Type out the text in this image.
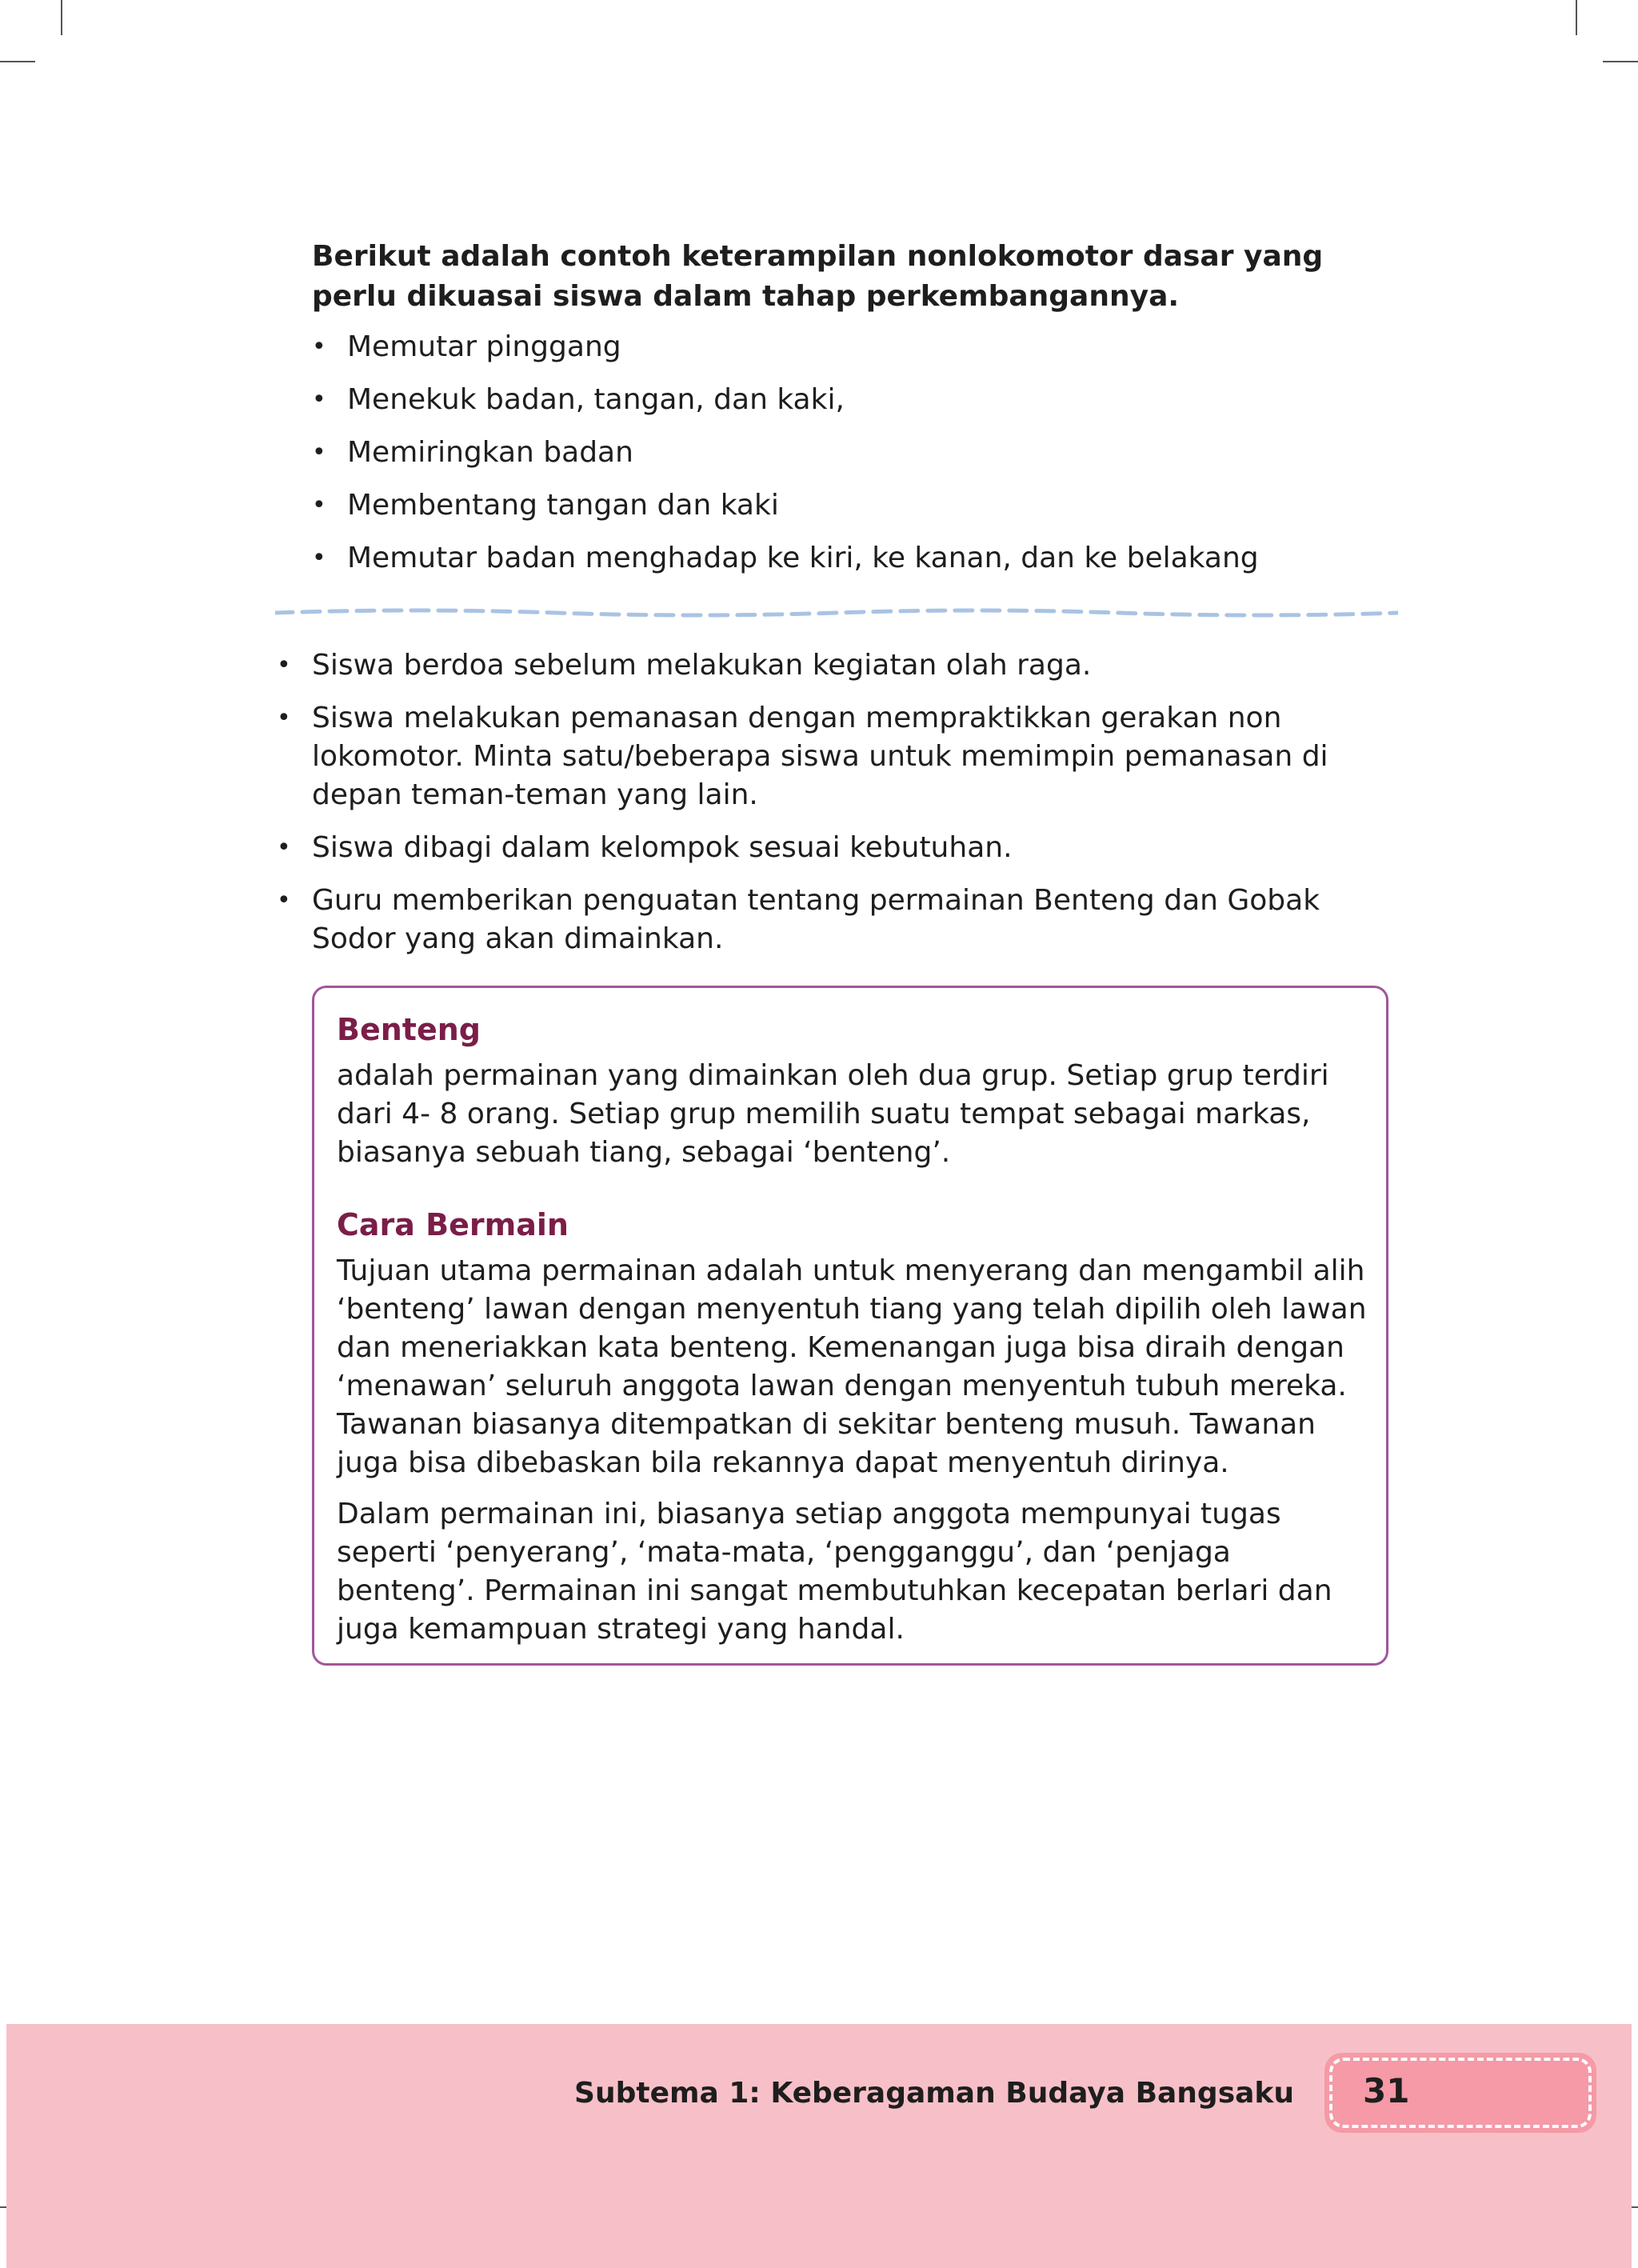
Berikut adalah contoh keterampilan nonlokomotor dasar yang perlu dikuasai siswa dalam tahap perkembangannya.

• Memutar pinggang
• Menekuk badan, tangan, dan kaki,
• Memiringkan badan
• Membentang tangan dan kaki
• Memutar badan menghadap ke kiri, ke kanan, dan ke belakang
• Siswa berdoa sebelum melakukan kegiatan olah raga.
• Siswa melakukan pemanasan dengan mempraktikkan gerakan non lokomotor. Minta satu/beberapa siswa untuk memimpin pemanasan di depan teman-teman yang lain.
• Siswa dibagi dalam kelompok sesuai kebutuhan.
• Guru memberikan penguatan tentang permainan Benteng dan Gobak Sodor yang akan dimainkan.
Benteng

adalah permainan yang dimainkan oleh dua grup. Setiap grup terdiri dari 4- 8 orang. Setiap grup memilih suatu tempat sebagai markas, biasanya sebuah tiang, sebagai ‘benteng’.

Cara Bermain

Tujuan utama permainan adalah untuk menyerang dan mengambil alih ‘benteng’ lawan dengan menyentuh tiang yang telah dipilih oleh lawan dan meneriakkan kata benteng. Kemenangan juga bisa diraih dengan ‘menawan’ seluruh anggota lawan dengan menyentuh tubuh mereka. Tawanan biasanya ditempatkan di sekitar benteng musuh. Tawanan juga bisa dibebaskan bila rekannya dapat menyentuh dirinya.

Dalam permainan ini, biasanya setiap anggota mempunyai tugas seperti ‘penyerang’, ‘mata-mata, ‘pengganggu’, dan ‘penjaga benteng’. Permainan ini sangat membutuhkan kecepatan berlari dan juga kemampuan strategi yang handal.

Subtema 1: Keberagaman Budaya Bangsaku 31
